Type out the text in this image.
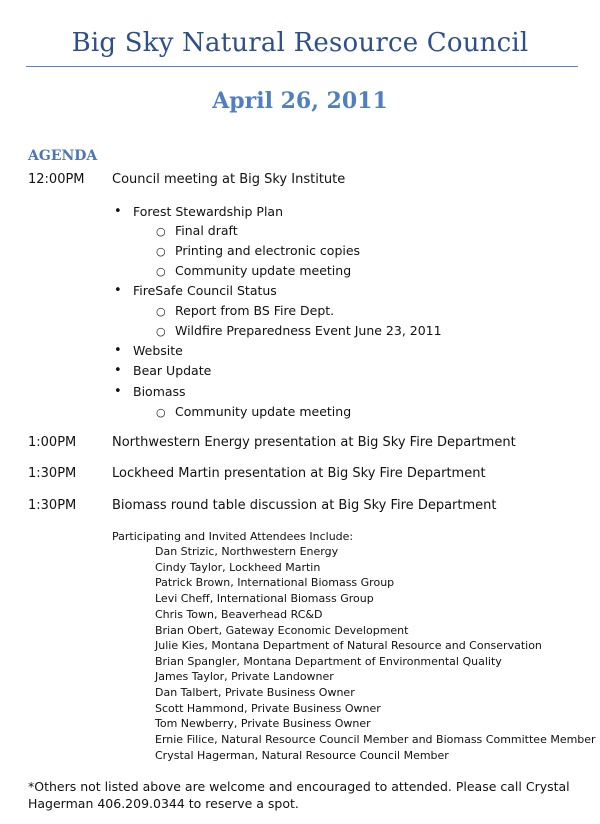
Big Sky Natural Resource Council
April 26, 2011
AGENDA
12:00PM	Council meeting at Big Sky Institute
• Forest Stewardship Plan
○ Final draft
○ Printing and electronic copies
○ Community update meeting
• FireSafe Council Status
○ Report from BS Fire Dept.
○ Wildfire Preparedness Event June 23, 2011
• Website
• Bear Update
• Biomass
○ Community update meeting
1:00PM	Northwestern Energy presentation at Big Sky Fire Department
1:30PM	Lockheed Martin presentation at Big Sky Fire Department
1:30PM	Biomass round table discussion at Big Sky Fire Department
Participating and Invited Attendees Include:
Dan Strizic, Northwestern Energy
Cindy Taylor, Lockheed Martin
Patrick Brown, International Biomass Group
Levi Cheff, International Biomass Group
Chris Town, Beaverhead RC&D
Brian Obert, Gateway Economic Development
Julie Kies, Montana Department of Natural Resource and Conservation
Brian Spangler, Montana Department of Environmental Quality
James Taylor, Private Landowner
Dan Talbert, Private Business Owner
Scott Hammond, Private Business Owner
Tom Newberry, Private Business Owner
Ernie Filice, Natural Resource Council Member and Biomass Committee Member
Crystal Hagerman, Natural Resource Council Member
*Others not listed above are welcome and encouraged to attended. Please call Crystal Hagerman 406.209.0344 to reserve a spot.
